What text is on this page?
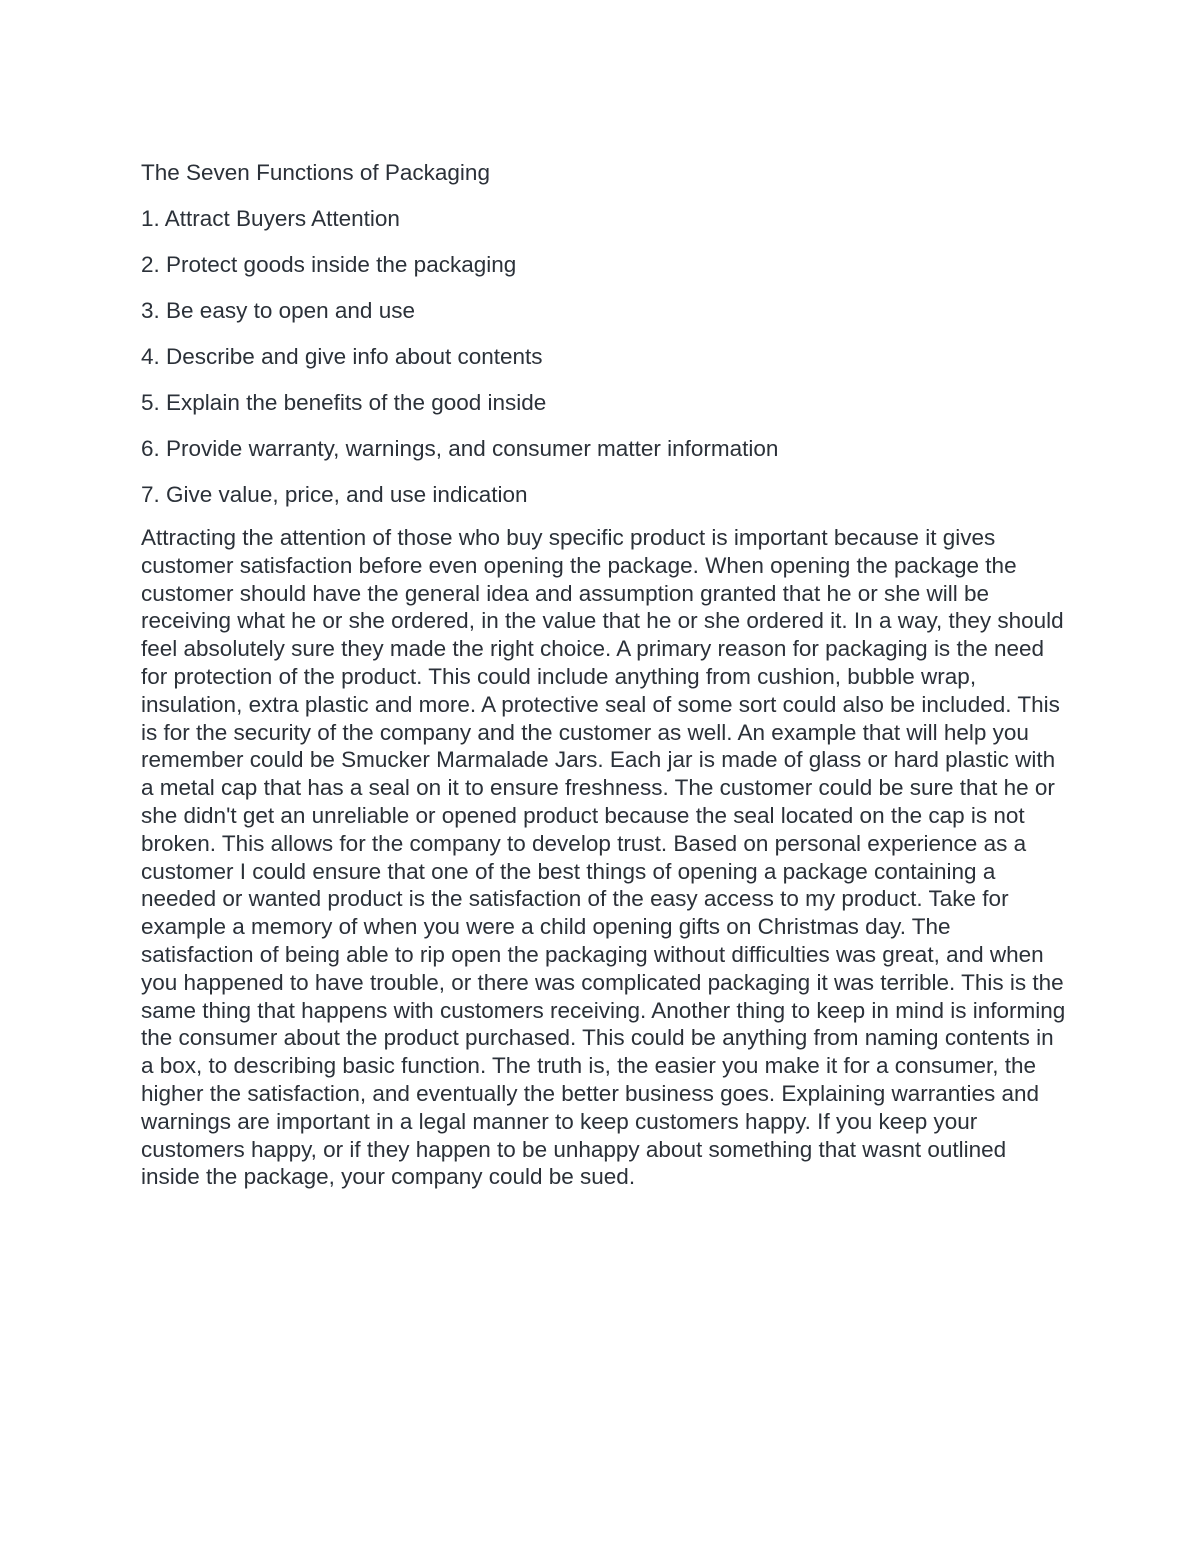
The Seven Functions of Packaging
1. Attract Buyers Attention
2. Protect goods inside the packaging
3. Be easy to open and use
4. Describe and give info about contents
5. Explain the benefits of the good inside
6. Provide warranty, warnings, and consumer matter information
7. Give value, price, and use indication

Attracting the attention of those who buy specific product is important because it gives customer satisfaction before even opening the package. When opening the package the customer should have the general idea and assumption granted that he or she will be receiving what he or she ordered, in the value that he or she ordered it. In a way, they should feel absolutely sure they made the right choice. A primary reason for packaging is the need for protection of the product. This could include anything from cushion, bubble wrap, insulation, extra plastic and more. A protective seal of some sort could also be included. This is for the security of the company and the customer as well. An example that will help you remember could be Smucker Marmalade Jars. Each jar is made of glass or hard plastic with a metal cap that has a seal on it to ensure freshness. The customer could be sure that he or she didn't get an unreliable or opened product because the seal located on the cap is not broken. This allows for the company to develop trust. Based on personal experience as a customer I could ensure that one of the best things of opening a package containing a needed or wanted product is the satisfaction of the easy access to my product. Take for example a memory of when you were a child opening gifts on Christmas day. The satisfaction of being able to rip open the packaging without difficulties was great, and when you happened to have trouble, or there was complicated packaging it was terrible. This is the same thing that happens with customers receiving. Another thing to keep in mind is informing the consumer about the product purchased. This could be anything from naming contents in a box, to describing basic function. The truth is, the easier you make it for a consumer, the higher the satisfaction, and eventually the better business goes. Explaining warranties and warnings are important in a legal manner to keep customers happy. If you keep your customers happy, or if they happen to be unhappy about something that wasnt outlined inside the package, your company could be sued.
